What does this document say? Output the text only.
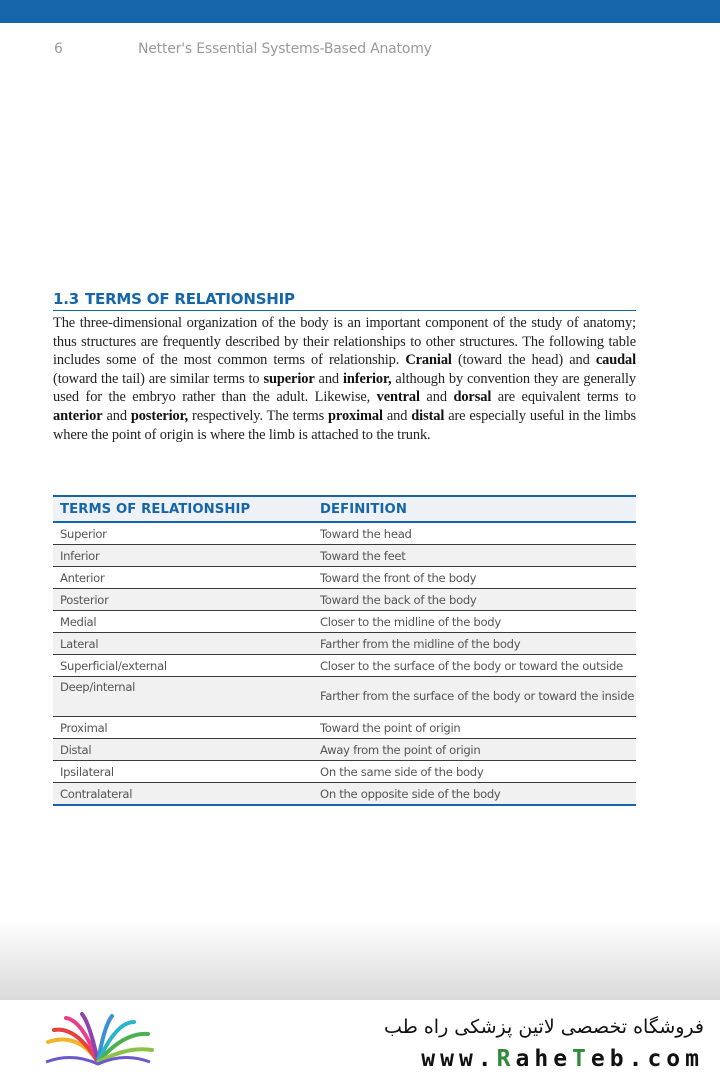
6	Netter's Essential Systems-Based Anatomy
1.3 TERMS OF RELATIONSHIP

The three-dimensional organization of the body is an important component of the study of anatomy; thus structures are frequently described by their relationships to other structures. The following table includes some of the most common terms of relationship. Cranial (toward the head) and caudal (toward the tail) are similar terms to superior and inferior, although by convention they are generally used for the embryo rather than the adult. Likewise, ventral and dorsal are equivalent terms to anterior and posterior, respectively. The terms proximal and distal are especially useful in the limbs where the point of origin is where the limb is attached to the trunk.

TERMS OF RELATIONSHIP	DEFINITION
Superior	Toward the head
Inferior	Toward the feet
Anterior	Toward the front of the body
Posterior	Toward the back of the body
Medial	Closer to the midline of the body
Lateral	Farther from the midline of the body
Superficial/external	Closer to the surface of the body or toward the outside
Deep/internal	Farther from the surface of the body or toward the inside
Proximal	Toward the point of origin
Distal	Away from the point of origin
Ipsilateral	On the same side of the body
Contralateral	On the opposite side of the body
فروشگاه تخصصی لاتین پزشکی راه طب
www.RaheTeb.com
